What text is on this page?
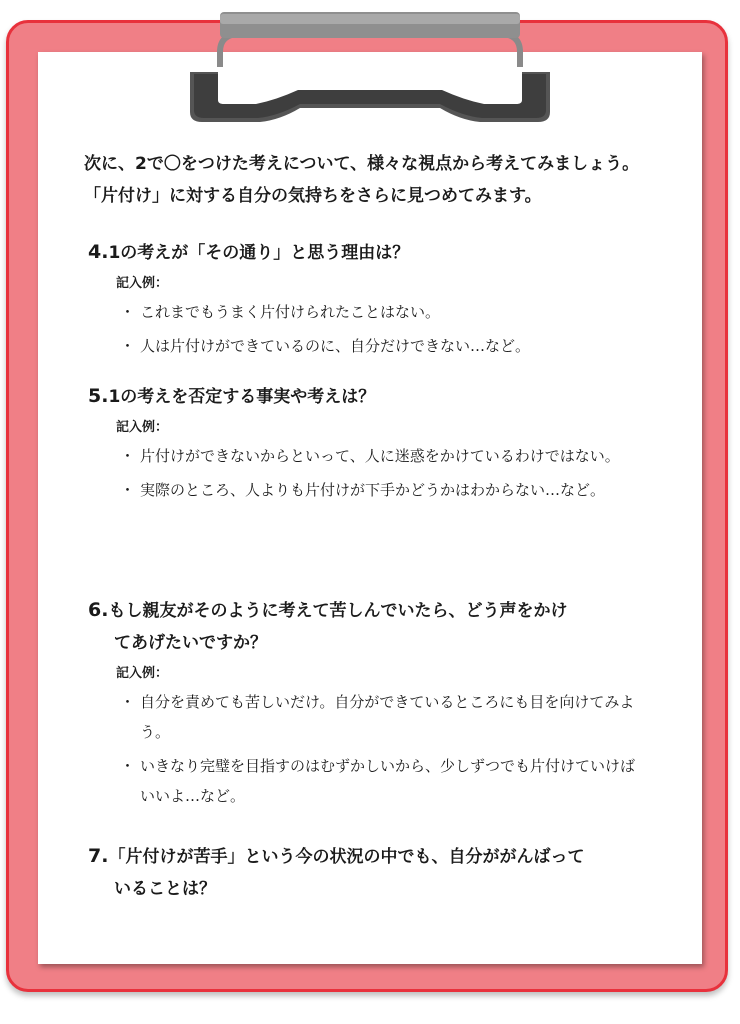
次に、2で〇をつけた考えについて、様々な視点から考えてみましょう。

「片付け」に対する自分の気持ちをさらに見つめてみます。

4.1の考えが「その通り」と思う理由は？

記入例：
・ これまでもうまく片付けられたことはない。
・ 人は片付けができているのに、自分だけできない…など。

5.1の考えを否定する事実や考えは？

記入例：
・ 片付けができないからといって、人に迷惑をかけているわけではない。
・ 実際のところ、人よりも片付けが下手かどうかはわからない…など。

6.もし親友がそのように考えて苦しんでいたら、どう声をかけ
てあげたいですか？

記入例：
・ 自分を責めても苦しいだけ。自分ができているところにも目を向けてみよう。
・ いきなり完璧を目指すのはむずかしいから、少しずつでも片付けていけばいいよ…など。

7.「片付けが苦手」という今の状況の中でも、自分ががんばって
いることは？
